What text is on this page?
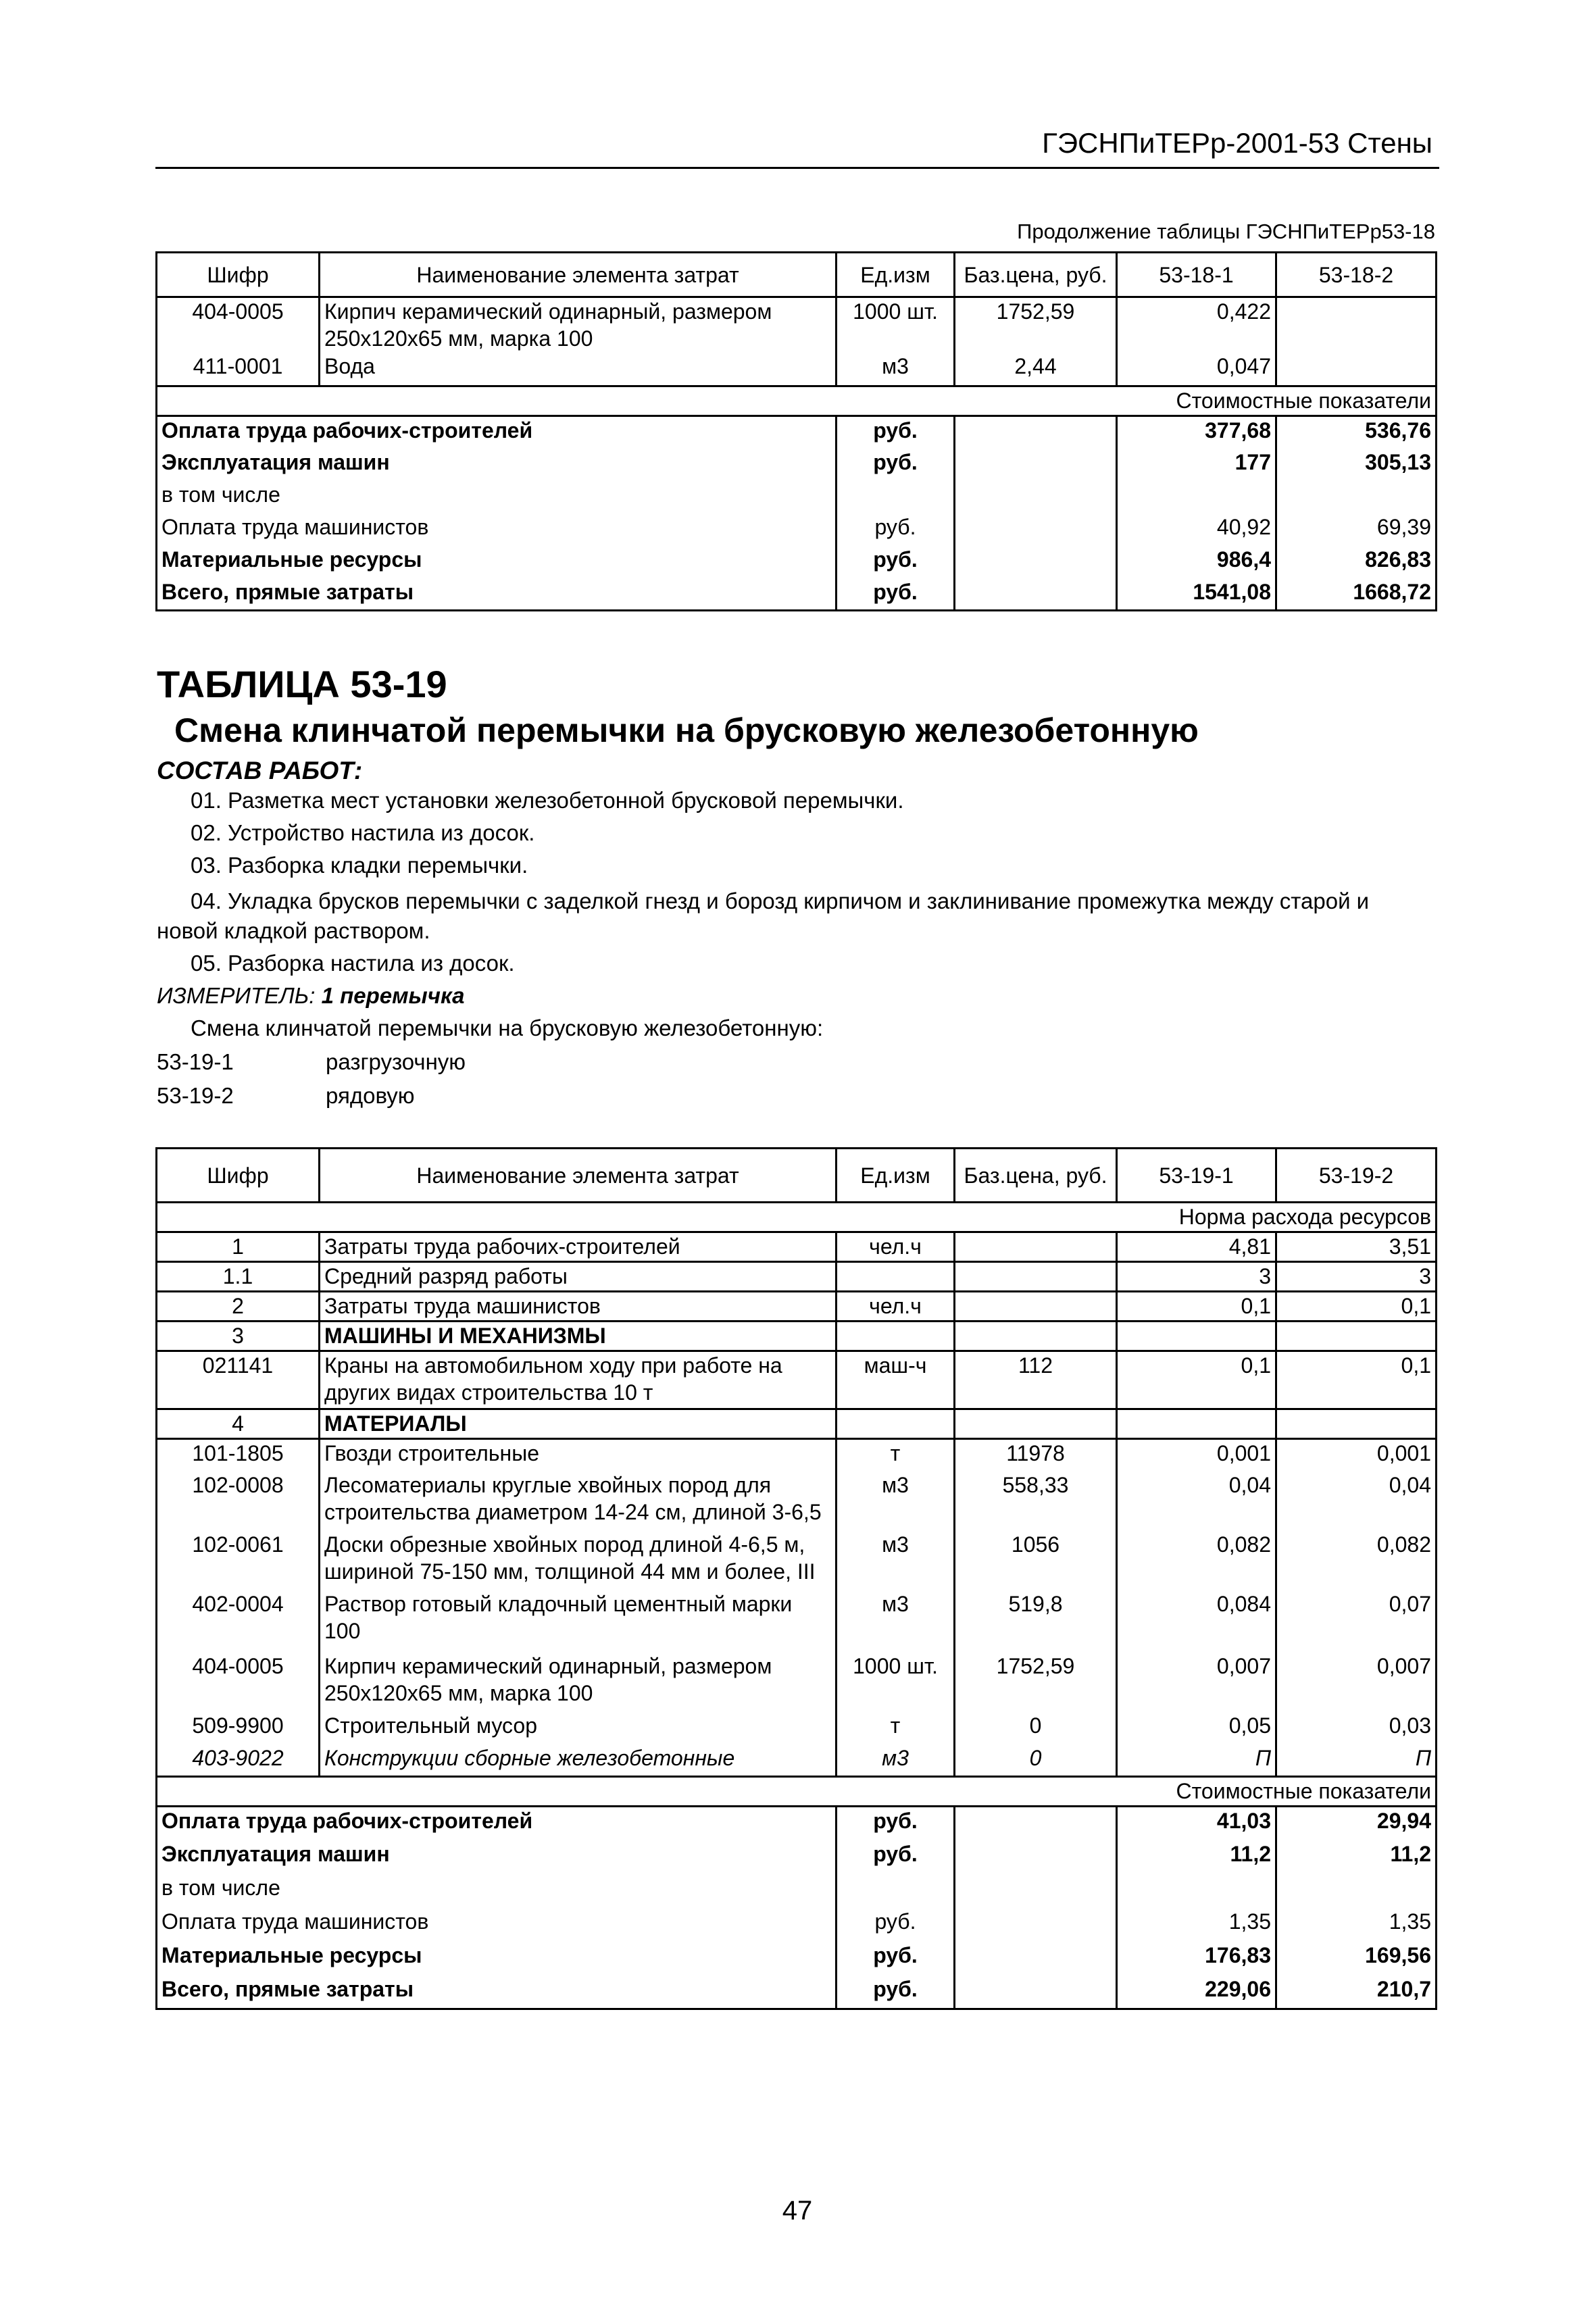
ГЭСНПиТЕРр-2001-53 Стены
Продолжение таблицы ГЭСНПиТЕРр53-18
Шифр	Наименование элемента затрат	Ед.изм	Баз.цена, руб.	53-18-1	53-18-2
404-0005	Кирпич керамический одинарный, размером 250x120x65 мм, марка 100	1000 шт.	1752,59	0,422	
411-0001	Вода	м3	2,44	0,047	
Стоимостные показатели					
Оплата труда рабочих-строителей		руб.		377,68	536,76
Эксплуатация машин		руб.		177	305,13
в том числе					
Оплата труда машинистов		руб.		40,92	69,39
Материальные ресурсы		руб.		986,4	826,83
Всего, прямые затраты		руб.		1541,08	1668,72
ТАБЛИЦА 53-19
Смена клинчатой перемычки на брусковую железобетонную
СОСТАВ РАБОТ:
01. Разметка мест установки железобетонной брусковой перемычки.
02. Устройство настила из досок.
03. Разборка кладки перемычки.
04. Укладка брусков перемычки с заделкой гнезд и борозд кирпичом и заклинивание промежутка между старой и новой кладкой раствором.
05. Разборка настила из досок.
ИЗМЕРИТЕЛЬ: 1 перемычка
Смена клинчатой перемычки на брусковую железобетонную:
53-19-1	разгрузочную
53-19-2	рядовую
Шифр	Наименование элемента затрат	Ед.изм	Баз.цена, руб.	53-19-1	53-19-2
Норма расхода ресурсов					
1	Затраты труда рабочих-строителей	чел.ч		4,81	3,51
1.1	Средний разряд работы			3	3
2	Затраты труда машинистов	чел.ч		0,1	0,1
3	МАШИНЫ И МЕХАНИЗМЫ				
021141	Краны на автомобильном ходу при работе на других видах строительства 10 т	маш-ч	112	0,1	0,1
4	МАТЕРИАЛЫ				
101-1805	Гвозди строительные	т	11978	0,001	0,001
102-0008	Лесоматериалы круглые хвойных пород для строительства диаметром 14-24 см, длиной 3-6,5	м3	558,33	0,04	0,04
102-0061	Доски обрезные хвойных пород длиной 4-6,5 м, шириной 75-150 мм, толщиной 44 мм и более, III	м3	1056	0,082	0,082
402-0004	Раствор готовый кладочный цементный марки 100	м3	519,8	0,084	0,07
404-0005	Кирпич керамический одинарный, размером 250x120x65 мм, марка 100	1000 шт.	1752,59	0,007	0,007
509-9900	Строительный мусор	т	0	0,05	0,03
403-9022	Конструкции сборные железобетонные	м3	0	П	П
Стоимостные показатели					
Оплата труда рабочих-строителей		руб.		41,03	29,94
Эксплуатация машин		руб.		11,2	11,2
в том числе					
Оплата труда машинистов		руб.		1,35	1,35
Материальные ресурсы		руб.		176,83	169,56
Всего, прямые затраты		руб.		229,06	210,7
47
